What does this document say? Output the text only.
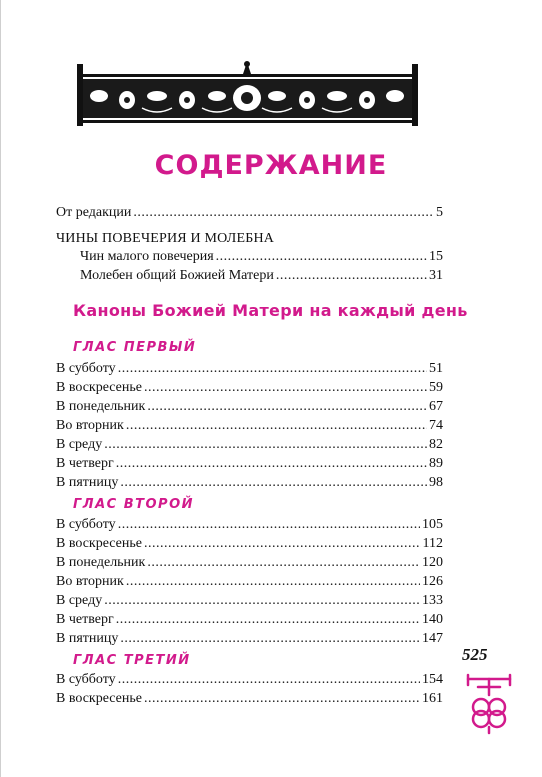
СОДЕРЖАНИЕ
От редакции .....	5
ЧИНЫ ПОВЕЧЕРИЯ И МОЛЕБНА
Чин малого повечерия .....	15
Молебен общий Божией Матери .....	31
Каноны Божией Матери на каждый день
ГЛАС ПЕРВЫЙ
В субботу .....	51
В воскресенье .....	59
В понедельник .....	67
Во вторник .....	74
В среду .....	82
В четверг .....	89
В пятницу .....	98
ГЛАС ВТОРОЙ
В субботу .....	105
В воскресенье .....	112
В понедельник .....	120
Во вторник .....	126
В среду .....	133
В четверг .....	140
В пятницу .....	147
ГЛАС ТРЕТИЙ
В субботу .....	154
В воскресенье .....	161
525
